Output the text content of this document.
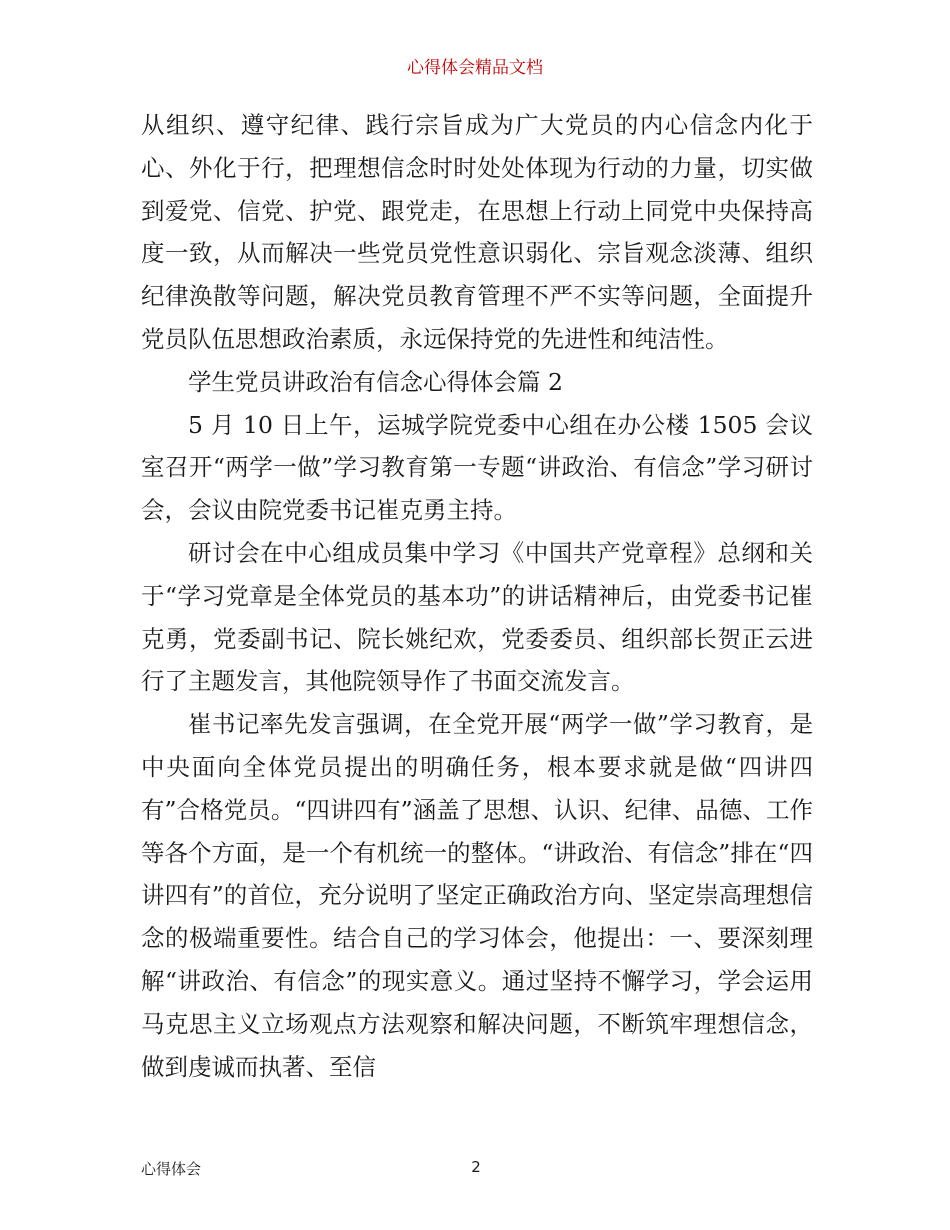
心得体会精品文档

从组织、遵守纪律、践行宗旨成为广大党员的内心信念内化于心、外化于行，把理想信念时时处处体现为行动的力量，切实做到爱党、信党、护党、跟党走，在思想上行动上同党中央保持高度一致，从而解决一些党员党性意识弱化、宗旨观念淡薄、组织纪律涣散等问题，解决党员教育管理不严不实等问题，全面提升党员队伍思想政治素质，永远保持党的先进性和纯洁性。

学生党员讲政治有信念心得体会篇 2

5 月 10 日上午，运城学院党委中心组在办公楼 1505 会议室召开“两学一做”学习教育第一专题“讲政治、有信念”学习研讨会，会议由院党委书记崔克勇主持。

研讨会在中心组成员集中学习《中国共产党章程》总纲和关于“学习党章是全体党员的基本功”的讲话精神后，由党委书记崔克勇，党委副书记、院长姚纪欢，党委委员、组织部长贺正云进行了主题发言，其他院领导作了书面交流发言。

崔书记率先发言强调，在全党开展“两学一做”学习教育，是中央面向全体党员提出的明确任务，根本要求就是做“四讲四有”合格党员。“四讲四有”涵盖了思想、认识、纪律、品德、工作等各个方面，是一个有机统一的整体。“讲政治、有信念”排在“四讲四有”的首位，充分说明了坚定正确政治方向、坚定崇高理想信念的极端重要性。结合自己的学习体会，他提出：一、要深刻理解“讲政治、有信念”的现实意义。通过坚持不懈学习，学会运用马克思主义立场观点方法观察和解决问题，不断筑牢理想信念，做到虔诚而执著、至信

心得体会	2
